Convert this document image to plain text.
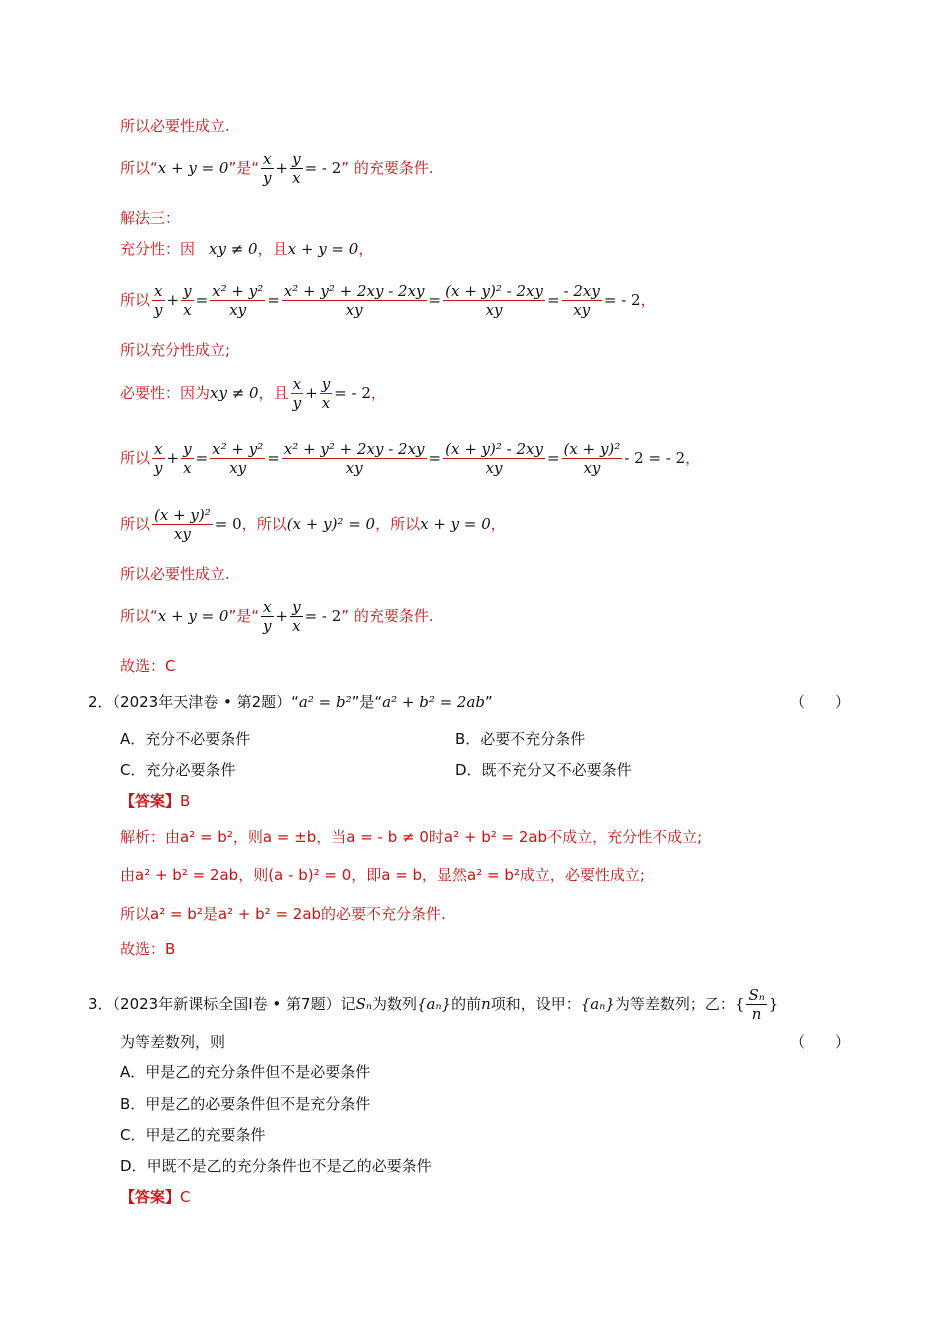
所以必要性成立.
所以“x + y = 0”是“ $\frac{x}{y} + \frac{y}{x}$ = - 2” 的充要条件.
解法三：
充分性：因 xy ≠ 0，且x + y = 0，
所以 $\frac{x}{y} + \frac{y}{x} = \frac{\text{x² + y²}}{xy} = \frac{\text{x² + y² + 2xy - 2xy}}{xy} = \frac{\text{(x + y)² - 2xy}}{xy} = \frac{- 2xy}{xy}$ = - 2，
所以充分性成立;
必要性：因为xy ≠ 0，且 $\frac{x}{y} + \frac{y}{x}$ = - 2，
所以 $\frac{x}{y} + \frac{y}{x} = \frac{\text{x² + y²}}{xy} = \frac{\text{x² + y² + 2xy - 2xy}}{xy} = \frac{\text{(x + y)² - 2xy}}{xy} = \frac{\text{(x + y)²}}{xy} - 2$ = - 2，
所以 $\frac{\text{(x + y)²}}{xy} = 0$，所以(x + y)² = 0，所以x + y = 0，
所以必要性成立.
所以“x + y = 0”是“ $\frac{x}{y} + \frac{y}{x}$ = - 2” 的充要条件.
故选：C
2．（2023年天津卷 • 第2题）“a² = b²”是“a² + b² = 2ab”	（　　）
A．充分不必要条件	B．必要不充分条件
C．充分必要条件	D．既不充分又不必要条件
【答案】B
解析：由a² = b²，则a = ±b，当a = - b ≠ 0时a² + b² = 2ab不成立，充分性不成立;
由a² + b² = 2ab，则(a - b)² = 0，即a = b，显然a² = b²成立，必要性成立;
所以a² = b²是a² + b² = 2ab的必要不充分条件.
故选：B
3．（2023年新课标全国Ⅰ卷 • 第7题）记Sₙ为数列{aₙ}的前n项和，设甲：{aₙ}为等差数列；乙：{ $\frac{\text{Sₙ}}{n}$ }
为等差数列，则	（　　）
A．甲是乙的充分条件但不是必要条件
B．甲是乙的必要条件但不是充分条件
C．甲是乙的充要条件
D．甲既不是乙的充分条件也不是乙的必要条件
【答案】C
